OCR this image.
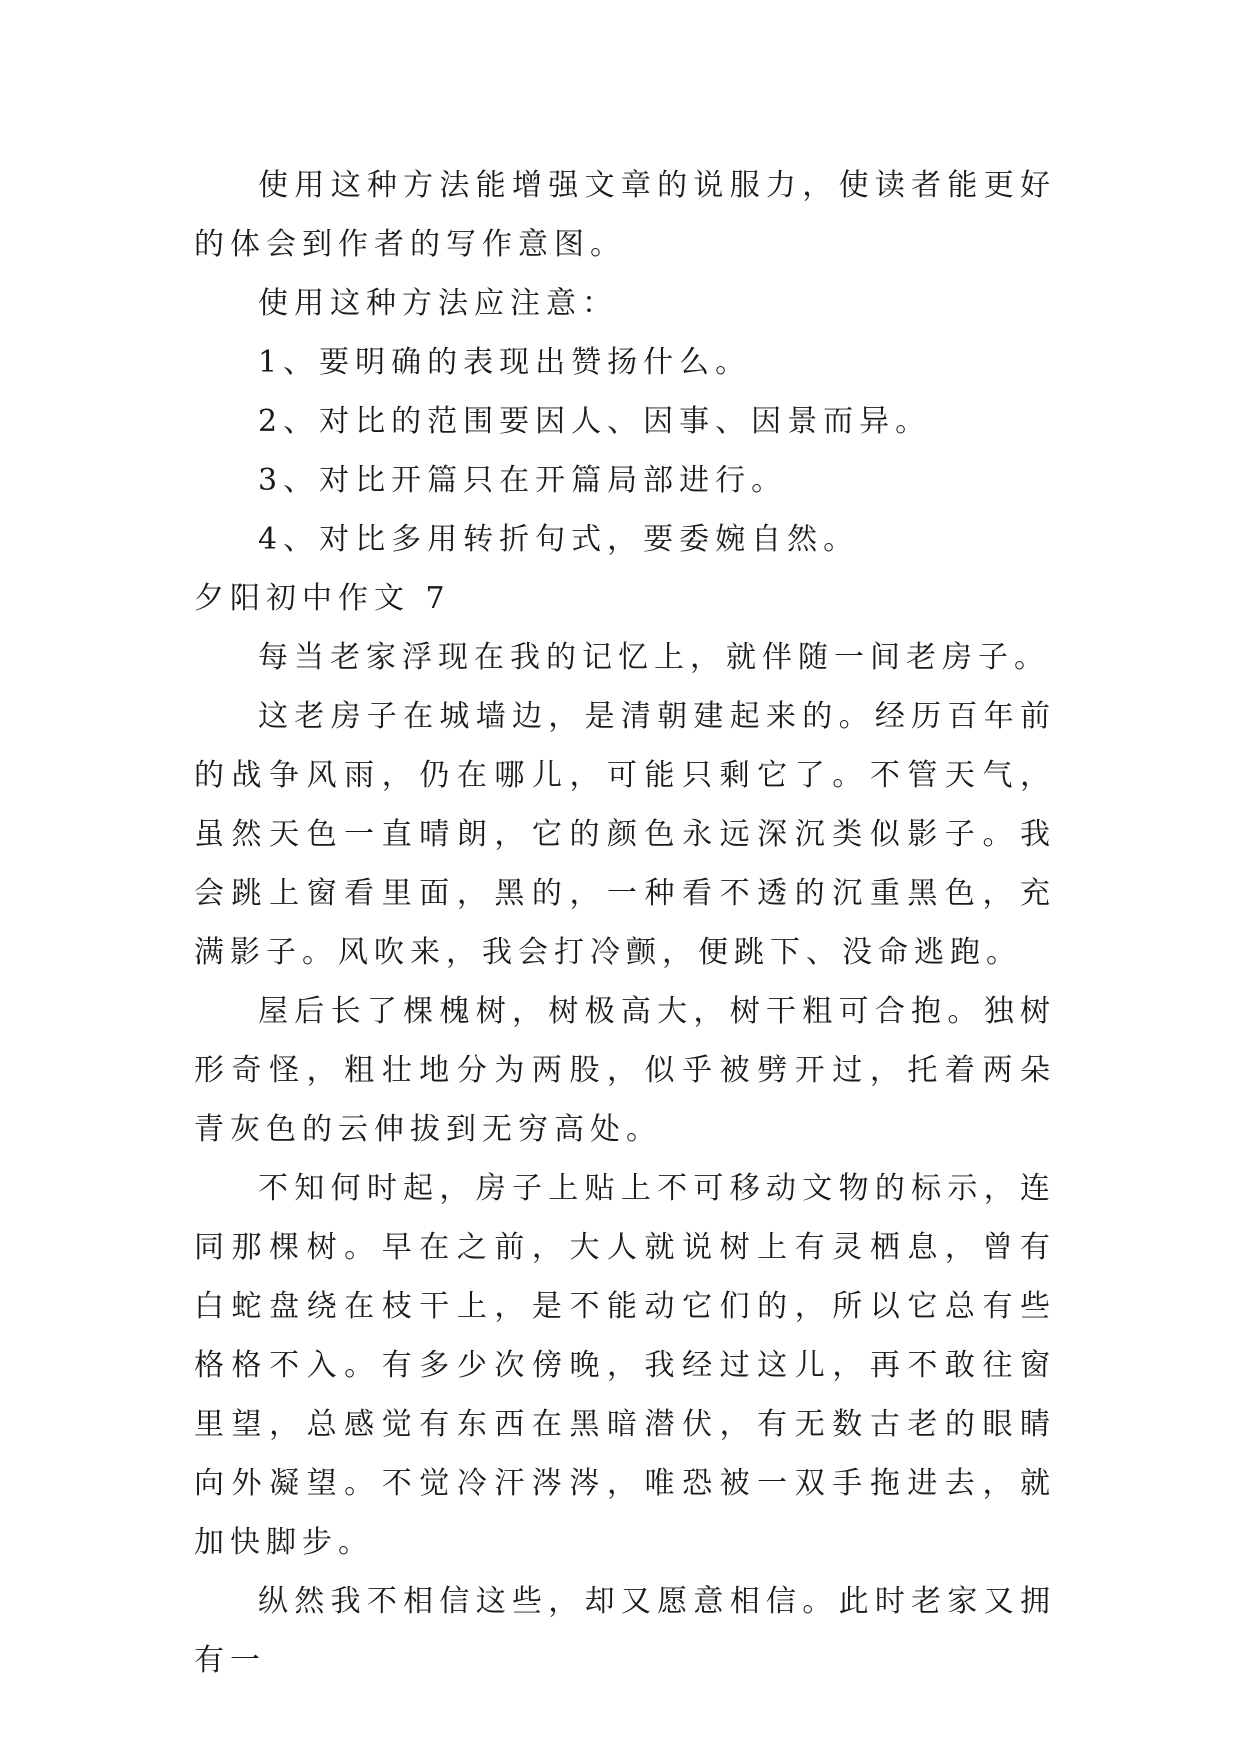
使用这种方法能增强文章的说服力，使读者能更好的体会到作者的写作意图。

使用这种方法应注意：

1、要明确的表现出赞扬什么。

2、对比的范围要因人、因事、因景而异。

3、对比开篇只在开篇局部进行。

4、对比多用转折句式，要委婉自然。

夕阳初中作文 7

每当老家浮现在我的记忆上，就伴随一间老房子。

这老房子在城墙边，是清朝建起来的。经历百年前的战争风雨，仍在哪儿，可能只剩它了。不管天气，虽然天色一直晴朗，它的颜色永远深沉类似影子。我会跳上窗看里面，黑的，一种看不透的沉重黑色，充满影子。风吹来，我会打冷颤，便跳下、没命逃跑。

屋后长了棵槐树，树极高大，树干粗可合抱。独树形奇怪，粗壮地分为两股，似乎被劈开过，托着两朵青灰色的云伸拔到无穷高处。

不知何时起，房子上贴上不可移动文物的标示，连同那棵树。早在之前，大人就说树上有灵栖息，曾有白蛇盘绕在枝干上，是不能动它们的，所以它总有些格格不入。有多少次傍晚，我经过这儿，再不敢往窗里望，总感觉有东西在黑暗潜伏，有无数古老的眼睛向外凝望。不觉冷汗涔涔，唯恐被一双手拖进去，就加快脚步。

纵然我不相信这些，却又愿意相信。此时老家又拥有一
